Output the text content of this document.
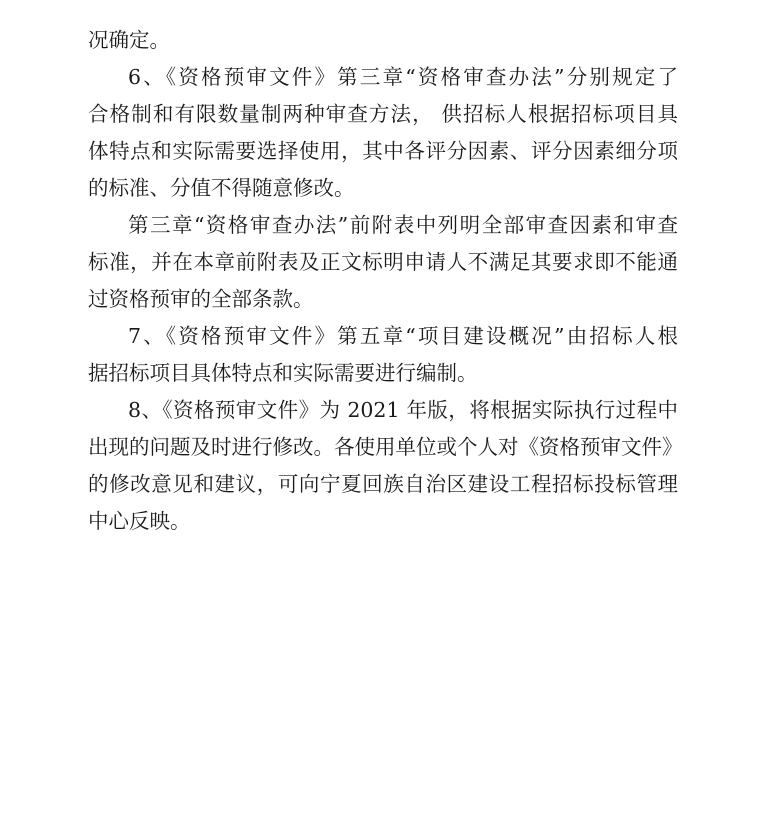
况确定。
6、《资格预审文件》第三章“资格审查办法”分别规定了
合格制和有限数量制两种审查方法， 供招标人根据招标项目具
体特点和实际需要选择使用，其中各评分因素、评分因素细分项
的标准、分值不得随意修改。
第三章“资格审查办法”前附表中列明全部审查因素和审查
标准，并在本章前附表及正文标明申请人不满足其要求即不能通
过资格预审的全部条款。
7、《资格预审文件》第五章“项目建设概况”由招标人根
据招标项目具体特点和实际需要进行编制。
8、《资格预审文件》为 2021 年版，将根据实际执行过程中
出现的问题及时进行修改。各使用单位或个人对《资格预审文件》
的修改意见和建议，可向宁夏回族自治区建设工程招标投标管理
中心反映。
